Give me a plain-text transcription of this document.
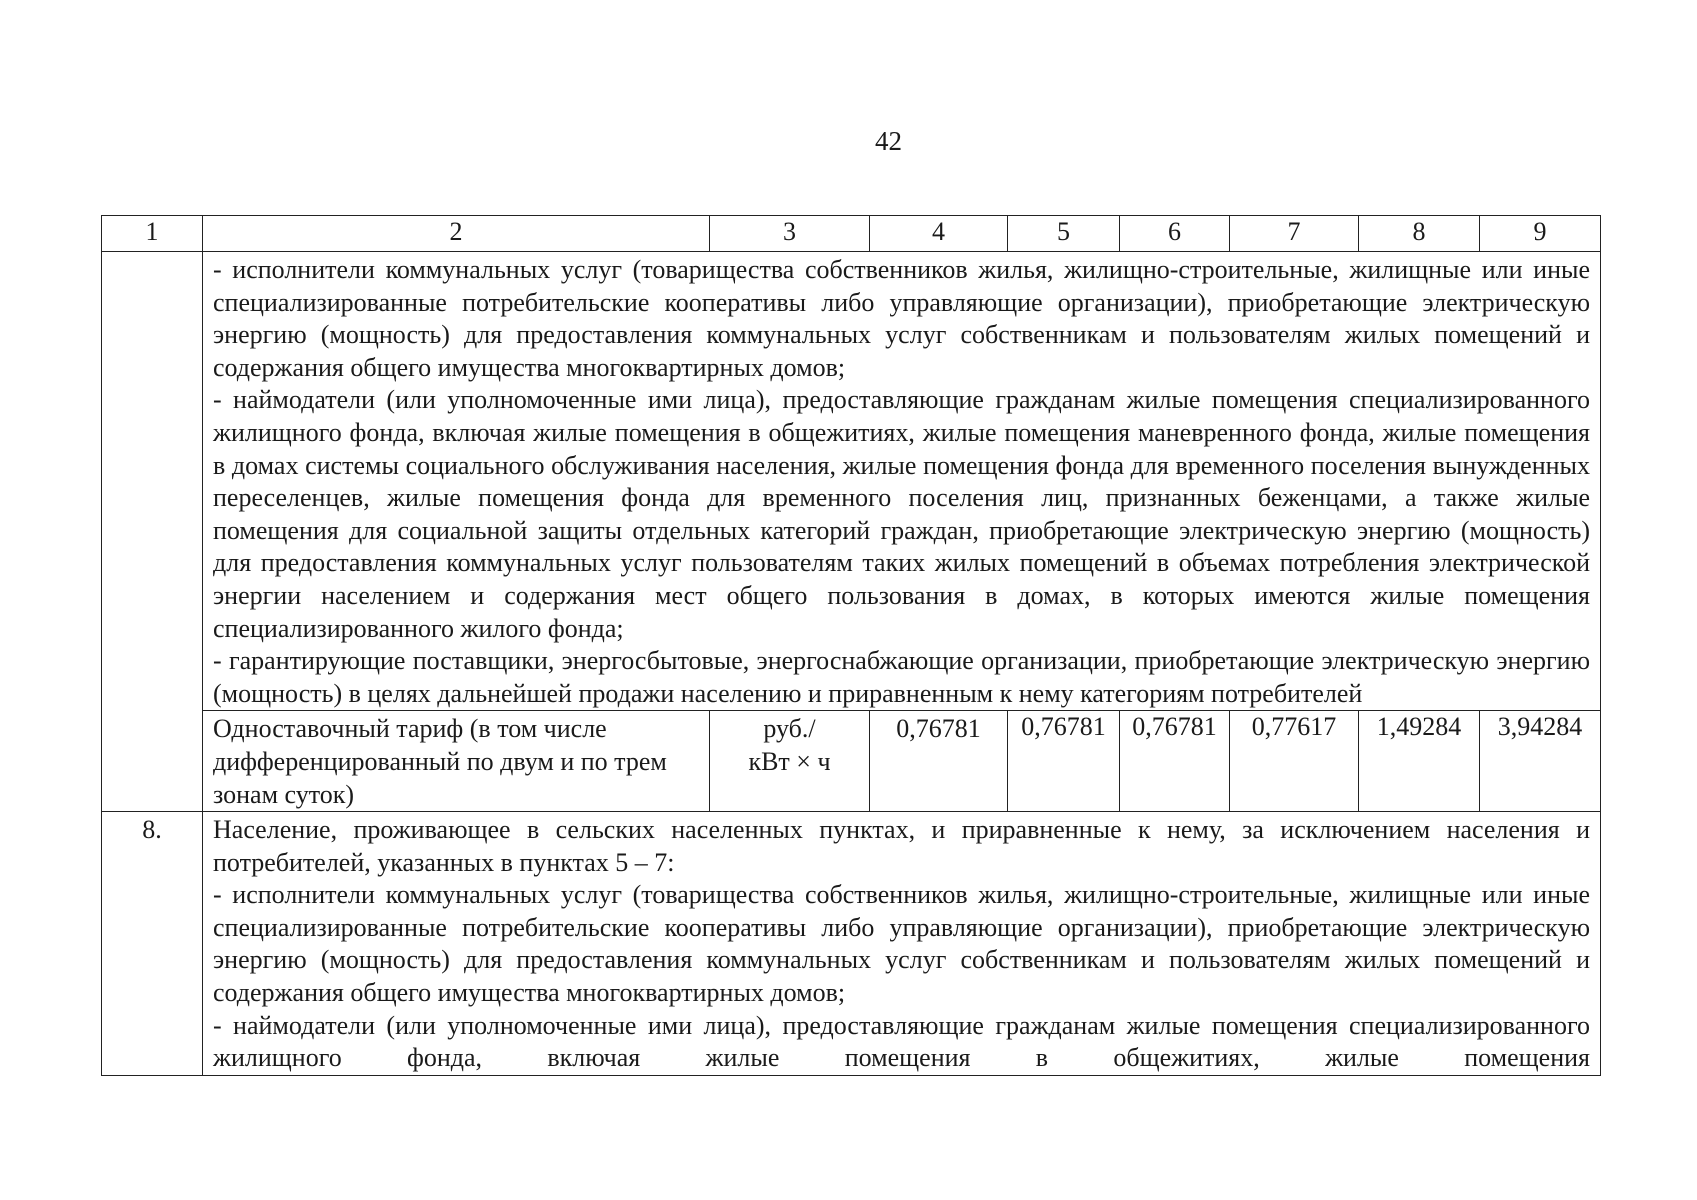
42
1	2	3	4	5	6	7	8	9

	- исполнители коммунальных услуг (товарищества собственников жилья, жилищно-строительные, жилищные или иные специализированные потребительские кооперативы либо управляющие организации), приобретающие электрическую энергию (мощность) для предоставления коммунальных услуг собственникам и пользователям жилых помещений и содержания общего имущества многоквартирных домов;
- наймодатели (или уполномоченные ими лица), предоставляющие гражданам жилые помещения специализированного жилищного фонда, включая жилые помещения в общежитиях, жилые помещения маневренного фонда, жилые помещения в домах системы социального обслуживания населения, жилые помещения фонда для временного поселения вынужденных переселенцев, жилые помещения фонда для временного поселения лиц, признанных беженцами, а также жилые помещения для социальной защиты отдельных категорий граждан, приобретающие электрическую энергию (мощность) для предоставления коммунальных услуг пользователям таких жилых помещений в объемах потребления электрической энергии населением и содержания мест общего пользования в домах, в которых имеются жилые помещения специализированного жилого фонда;
- гарантирующие поставщики, энергосбытовые, энергоснабжающие организации, приобретающие электрическую энергию (мощность) в целях дальнейшей продажи населению и приравненным к нему категориям потребителей							

	Одноставочный тариф (в том числе дифференцированный по двум и по трем зонам суток)	руб./ кВт × ч	0,76781	0,76781	0,76781	0,77617	1,49284	3,94284
8.	Население, проживающее в сельских населенных пунктах, и приравненные к нему, за исключением населения и потребителей, указанных в пунктах 5 – 7:
- исполнители коммунальных услуг (товарищества собственников жилья, жилищно-строительные, жилищные или иные специализированные потребительские кооперативы либо управляющие организации), приобретающие электрическую энергию (мощность) для предоставления коммунальных услуг собственникам и пользователям жилых помещений и содержания общего имущества многоквартирных домов;
- наймодатели (или уполномоченные ими лица), предоставляющие гражданам жилые помещения специализированного жилищного фонда, включая жилые помещения в общежитиях, жилые помещения							
